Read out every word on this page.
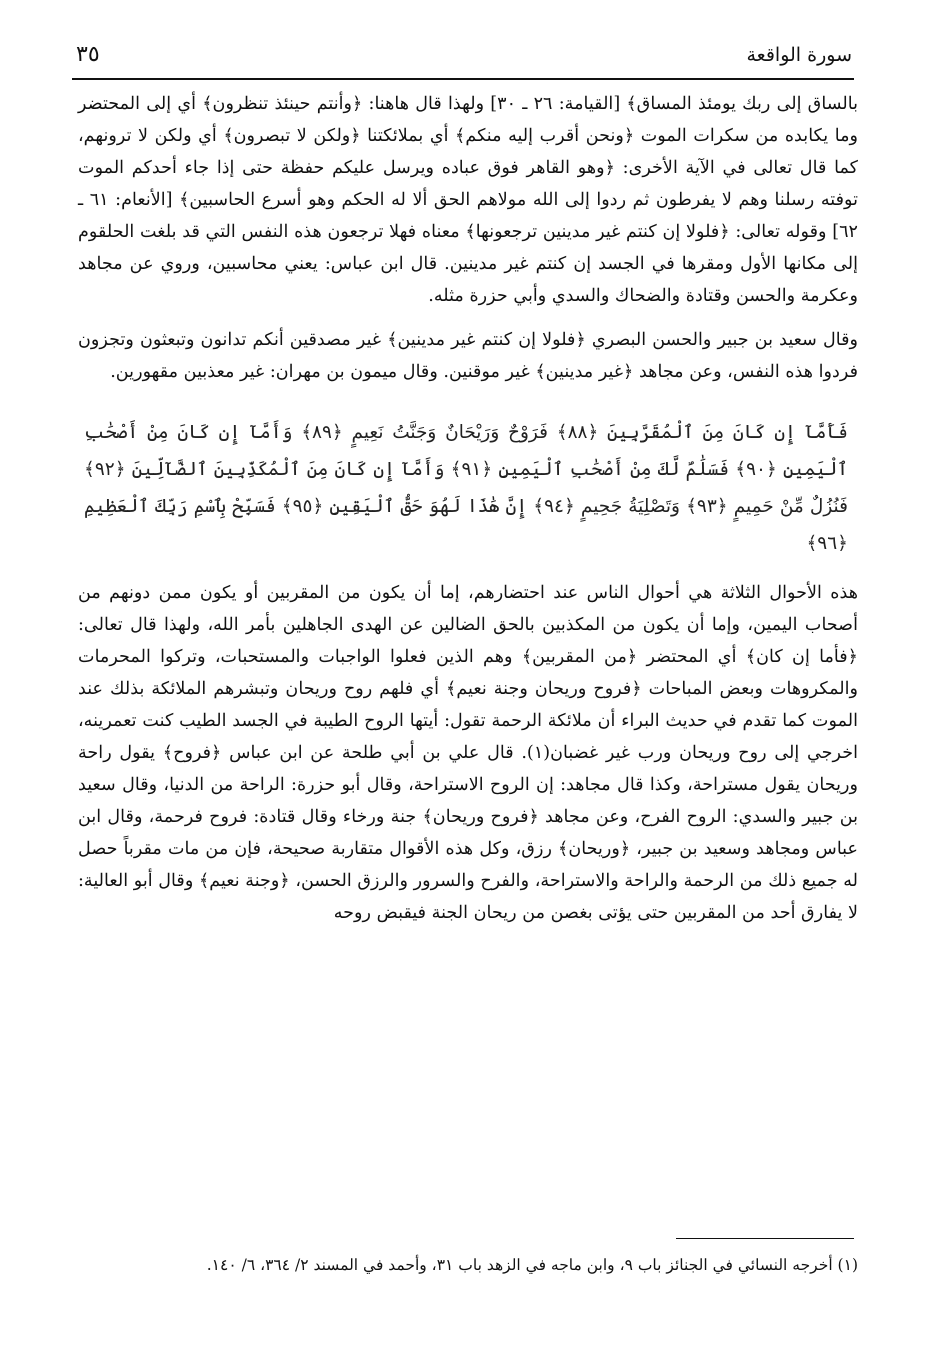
٣٥	سورة الواقعة

بالساق إلى ربك يومئذ المساق﴾ [القيامة: ٢٦ ـ ٣٠] ولهذا قال هاهنا: ﴿وأنتم حينئذ تنظرون﴾ أي إلى المحتضر وما يكابده من سكرات الموت ﴿ونحن أقرب إليه منكم﴾ أي بملائكتنا ﴿ولكن لا تبصرون﴾ أي ولكن لا ترونهم، كما قال تعالى في الآية الأخرى: ﴿وهو القاهر فوق عباده ويرسل عليكم حفظة حتى إذا جاء أحدكم الموت توفته رسلنا وهم لا يفرطون ثم ردوا إلى الله مولاهم الحق ألا له الحكم وهو أسرع الحاسبين﴾ [الأنعام: ٦١ ـ ٦٢] وقوله تعالى: ﴿فلولا إن كنتم غير مدينين ترجعونها﴾ معناه فهلا ترجعون هذه النفس التي قد بلغت الحلقوم إلى مكانها الأول ومقرها في الجسد إن كنتم غير مدينين. قال ابن عباس: يعني محاسبين، وروي عن مجاهد وعكرمة والحسن وقتادة والضحاك والسدي وأبي حزرة مثله.

وقال سعيد بن جبير والحسن البصري ﴿فلولا إن كنتم غير مدينين﴾ غير مصدقين أنكم تدانون وتبعثون وتجزون فردوا هذه النفس، وعن مجاهد ﴿غير مدينين﴾ غير موقنين. وقال ميمون بن مهران: غير معذبين مقهورين.

فَأَمَّآ إِن كَانَ مِنَ ٱلْمُقَرَّبِينَ ﴿٨٨﴾ فَرَوْحٌ وَرَيْحَانٌ وَجَنَّتُ نَعِيمٍ ﴿٨٩﴾ وَأَمَّآ إِن كَانَ مِنْ أَصْحَٰبِ ٱلْيَمِينِ ﴿٩٠﴾ فَسَلَٰمٌ لَّكَ مِنْ أَصْحَٰبِ ٱلْيَمِينِ ﴿٩١﴾ وَأَمَّآ إِن كَانَ مِنَ ٱلْمُكَذِّبِينَ ٱلضَّآلِّينَ ﴿٩٢﴾ فَنُزُلٌ مِّنْ حَمِيمٍ ﴿٩٣﴾ وَتَصْلِيَةُ جَحِيمٍ ﴿٩٤﴾ إِنَّ هَٰذَا لَهُوَ حَقُّ ٱلْيَقِينِ ﴿٩٥﴾ فَسَبِّحْ بِٱسْمِ رَبِّكَ ٱلْعَظِيمِ ﴿٩٦﴾

هذه الأحوال الثلاثة هي أحوال الناس عند احتضارهم، إما أن يكون من المقربين أو يكون ممن دونهم من أصحاب اليمين، وإما أن يكون من المكذبين بالحق الضالين عن الهدى الجاهلين بأمر الله، ولهذا قال تعالى: ﴿فأما إن كان﴾ أي المحتضر ﴿من المقربين﴾ وهم الذين فعلوا الواجبات والمستحبات، وتركوا المحرمات والمكروهات وبعض المباحات ﴿فروح وريحان وجنة نعيم﴾ أي فلهم روح وريحان وتبشرهم الملائكة بذلك عند الموت كما تقدم في حديث البراء أن ملائكة الرحمة تقول: أيتها الروح الطيبة في الجسد الطيب كنت تعمرينه، اخرجي إلى روح وريحان ورب غير غضبان(١). قال علي بن أبي طلحة عن ابن عباس ﴿فروح﴾ يقول راحة وريحان يقول مستراحة، وكذا قال مجاهد: إن الروح الاستراحة، وقال أبو حزرة: الراحة من الدنيا، وقال سعيد بن جبير والسدي: الروح الفرح، وعن مجاهد ﴿فروح وريحان﴾ جنة ورخاء وقال قتادة: فروح فرحمة، وقال ابن عباس ومجاهد وسعيد بن جبير، ﴿وريحان﴾ رزق، وكل هذه الأقوال متقاربة صحيحة، فإن من مات مقرباً حصل له جميع ذلك من الرحمة والراحة والاستراحة، والفرح والسرور والرزق الحسن، ﴿وجنة نعيم﴾ وقال أبو العالية: لا يفارق أحد من المقربين حتى يؤتى بغصن من ريحان الجنة فيقبض روحه

(١) أخرجه النسائي في الجنائز باب ٩، وابن ماجه في الزهد باب ٣١، وأحمد في المسند ٢/ ٣٦٤، ٦/ ١٤٠.
